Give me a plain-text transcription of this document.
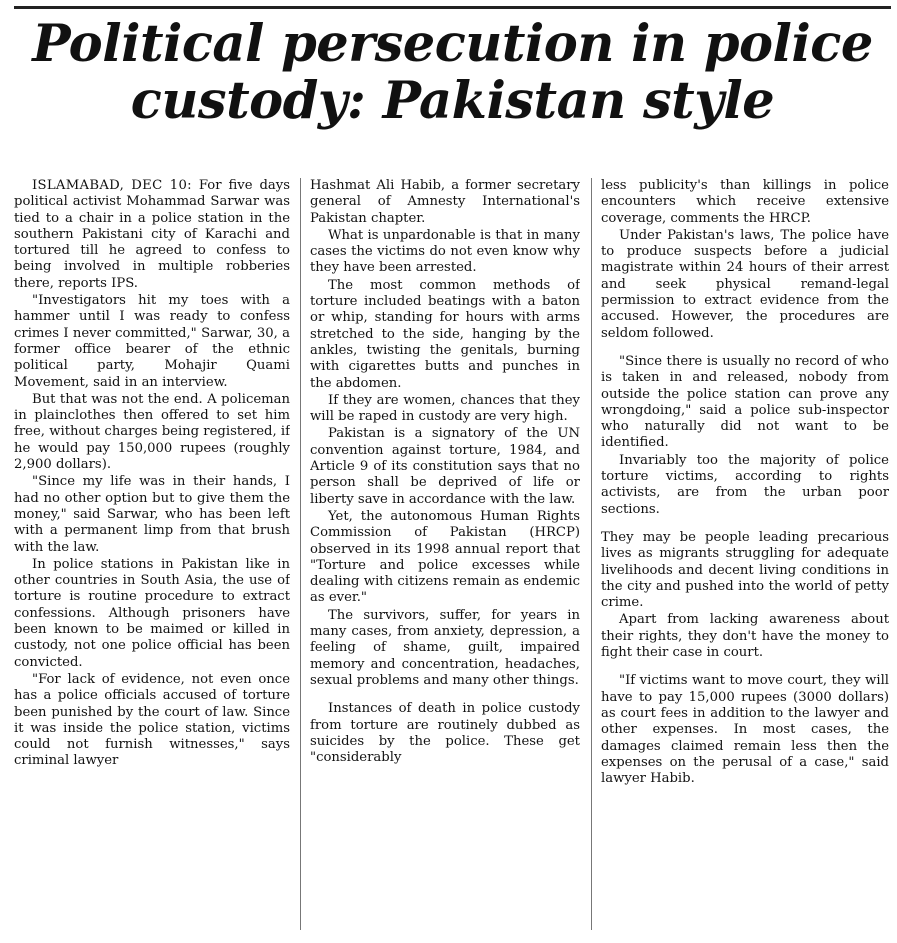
Political persecution in police
custody: Pakistan style

ISLAMABAD, DEC 10: For five days political activist Mohammad Sarwar was tied to a chair in a police station in the southern Pakistani city of Karachi and tortured till he agreed to confess to being involved in multiple robberies there, reports IPS.

"Investigators hit my toes with a hammer until I was ready to confess crimes I never committed," Sarwar, 30, a former office bearer of the ethnic political party, Mohajir Quami Movement, said in an interview.

But that was not the end. A policeman in plainclothes then offered to set him free, without charges being registered, if he would pay 150,000 rupees (roughly 2,900 dollars).

"Since my life was in their hands, I had no other option but to give them the money," said Sarwar, who has been left with a permanent limp from that brush with the law.

In police stations in Pakistan like in other countries in South Asia, the use of torture is routine procedure to extract confessions. Although prisoners have been known to be maimed or killed in custody, not one police official has been convicted.

"For lack of evidence, not even once has a police officials accused of torture been punished by the court of law. Since it was inside the police station, victims could not furnish witnesses," says criminal lawyer

Hashmat Ali Habib, a former secretary general of Amnesty International's Pakistan chapter.

What is unpardonable is that in many cases the victims do not even know why they have been arrested.

The most common methods of torture included beatings with a baton or whip, standing for hours with arms stretched to the side, hanging by the ankles, twisting the genitals, burning with cigarettes butts and punches in the abdomen.

If they are women, chances that they will be raped in custody are very high.

Pakistan is a signatory of the UN convention against torture, 1984, and Article 9 of its constitution says that no person shall be deprived of life or liberty save in accordance with the law.

Yet, the autonomous Human Rights Commission of Pakistan (HRCP) observed in its 1998 annual report that "Torture and police excesses while dealing with citizens remain as endemic as ever."

The survivors, suffer, for years in many cases, from anxiety, depression, a feeling of shame, guilt, impaired memory and concentration, headaches, sexual problems and many other things.

Instances of death in police custody from torture are routinely dubbed as suicides by the police. These get "considerably

less publicity's than killings in police encounters which receive extensive coverage, comments the HRCP.

Under Pakistan's laws, The police have to produce suspects before a judicial magistrate within 24 hours of their arrest and seek physical remand-legal permission to extract evidence from the accused. However, the procedures are seldom followed.

"Since there is usually no record of who is taken in and released, nobody from outside the police station can prove any wrongdoing," said a police sub-inspector who naturally did not want to be identified.

Invariably too the majority of police torture victims, according to rights activists, are from the urban poor sections.

They may be people leading precarious lives as migrants struggling for adequate livelihoods and decent living conditions in the city and pushed into the world of petty crime.

Apart from lacking awareness about their rights, they don't have the money to fight their case in court.

"If victims want to move court, they will have to pay 15,000 rupees (3000 dollars) as court fees in addition to the lawyer and other expenses. In most cases, the damages claimed remain less then the expenses on the perusal of a case," said lawyer Habib.
